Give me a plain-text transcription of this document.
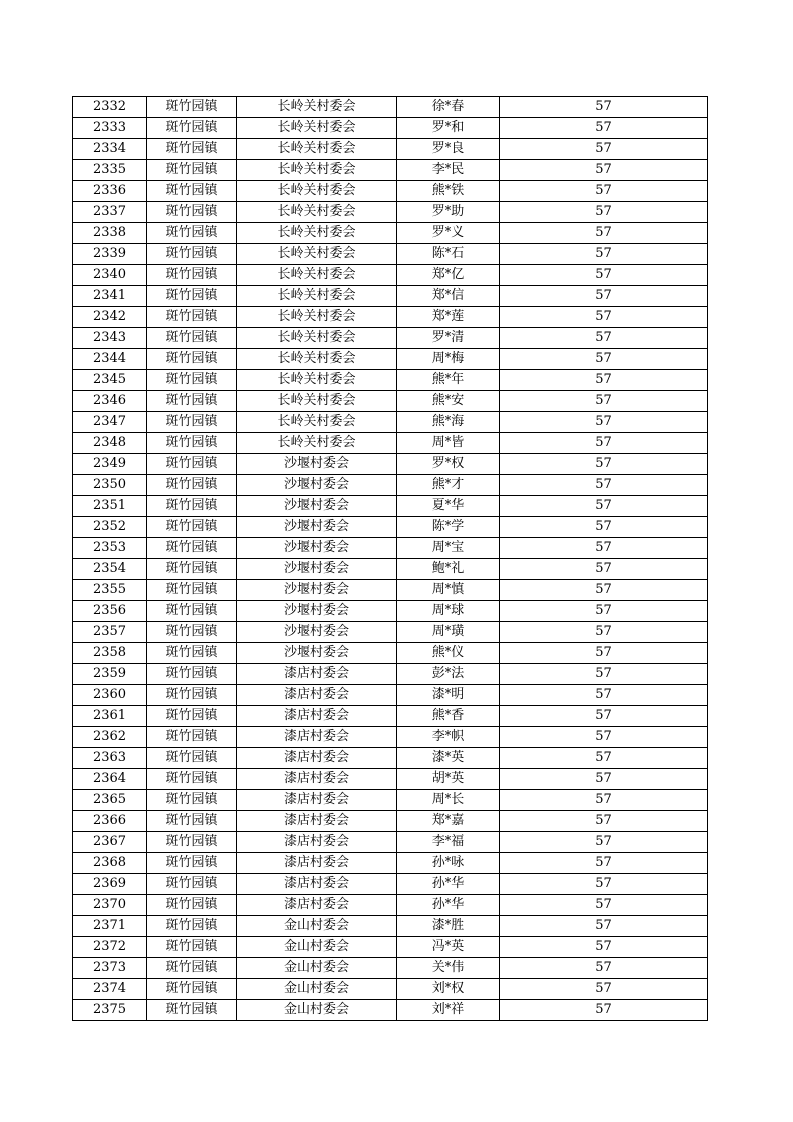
2332	斑竹园镇	长岭关村委会	徐*春	57
2333	斑竹园镇	长岭关村委会	罗*和	57
2334	斑竹园镇	长岭关村委会	罗*良	57
2335	斑竹园镇	长岭关村委会	李*民	57
2336	斑竹园镇	长岭关村委会	熊*铁	57
2337	斑竹园镇	长岭关村委会	罗*助	57
2338	斑竹园镇	长岭关村委会	罗*义	57
2339	斑竹园镇	长岭关村委会	陈*石	57
2340	斑竹园镇	长岭关村委会	郑*亿	57
2341	斑竹园镇	长岭关村委会	郑*信	57
2342	斑竹园镇	长岭关村委会	郑*莲	57
2343	斑竹园镇	长岭关村委会	罗*清	57
2344	斑竹园镇	长岭关村委会	周*梅	57
2345	斑竹园镇	长岭关村委会	熊*年	57
2346	斑竹园镇	长岭关村委会	熊*安	57
2347	斑竹园镇	长岭关村委会	熊*海	57
2348	斑竹园镇	长岭关村委会	周*皆	57
2349	斑竹园镇	沙堰村委会	罗*权	57
2350	斑竹园镇	沙堰村委会	熊*才	57
2351	斑竹园镇	沙堰村委会	夏*华	57
2352	斑竹园镇	沙堰村委会	陈*学	57
2353	斑竹园镇	沙堰村委会	周*宝	57
2354	斑竹园镇	沙堰村委会	鲍*礼	57
2355	斑竹园镇	沙堰村委会	周*慎	57
2356	斑竹园镇	沙堰村委会	周*球	57
2357	斑竹园镇	沙堰村委会	周*璜	57
2358	斑竹园镇	沙堰村委会	熊*仪	57
2359	斑竹园镇	漆店村委会	彭*法	57
2360	斑竹园镇	漆店村委会	漆*明	57
2361	斑竹园镇	漆店村委会	熊*香	57
2362	斑竹园镇	漆店村委会	李*帜	57
2363	斑竹园镇	漆店村委会	漆*英	57
2364	斑竹园镇	漆店村委会	胡*英	57
2365	斑竹园镇	漆店村委会	周*长	57
2366	斑竹园镇	漆店村委会	郑*嘉	57
2367	斑竹园镇	漆店村委会	李*福	57
2368	斑竹园镇	漆店村委会	孙*咏	57
2369	斑竹园镇	漆店村委会	孙*华	57
2370	斑竹园镇	漆店村委会	孙*华	57
2371	斑竹园镇	金山村委会	漆*胜	57
2372	斑竹园镇	金山村委会	冯*英	57
2373	斑竹园镇	金山村委会	关*伟	57
2374	斑竹园镇	金山村委会	刘*权	57
2375	斑竹园镇	金山村委会	刘*祥	57
